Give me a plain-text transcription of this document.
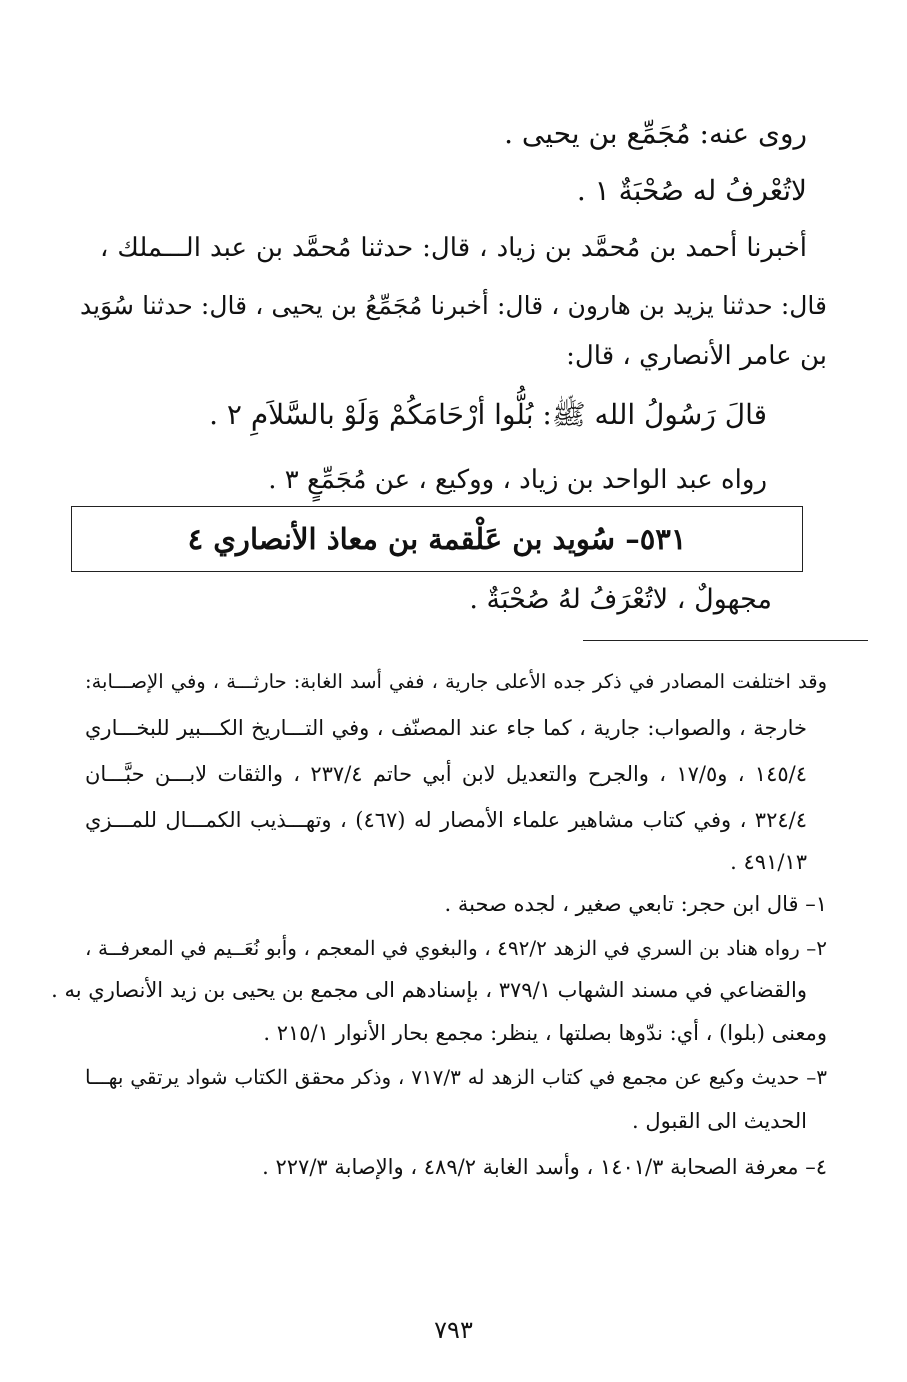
روى عنه: مُجَمِّع بن يحيى .
لاتُعْرفُ له صُحْبَةٌ ١ .
أخبرنا أحمد بن مُحمَّد بن زياد ، قال: حدثنا مُحمَّد بن عبد الـــملك ،
قال: حدثنا يزيد بن هارون ، قال: أخبرنا مُجَمِّعُ بن يحيى ، قال: حدثنا سُوَيد
بن عامر الأنصاري ، قال:
قالَ رَسُولُ الله ﷺ: بُلُّوا أرْحَامَكُمْ وَلَوْ بالسَّلاَمِ ٢ .
رواه عبد الواحد بن زياد ، ووكيع ، عن مُجَمِّعٍ ٣ .
٥٣١– سُويد بن عَلْقمة بن معاذ الأنصاري ٤
مجهولٌ ، لاتُعْرَفُ لهُ صُحْبَةٌ .
وقد اختلفت المصادر في ذكر جده الأعلى جارية ، ففي أسد الغابة: حارثـــة ، وفي الإصـــابة:
خارجة ، والصواب: جارية ، كما جاء عند المصنّف ، وفي التـــاريخ الكـــبير للبخـــاري
١٤٥/٤ ، و١٧/٥ ، والجرح والتعديل لابن أبي حاتم ٢٣٧/٤ ، والثقات لابـــن حبَّـــان
٣٢٤/٤ ، وفي كتاب مشاهير علماء الأمصار له (٤٦٧) ، وتهـــذيب الكمـــال للمـــزي
٤٩١/١٣ .
١– قال ابن حجر: تابعي صغير ، لجده صحبة .
٢– رواه هناد بن السري في الزهد ٤٩٢/٢ ، والبغوي في المعجم ، وأبو نُعَــيم في المعرفــة ،
والقضاعي في مسند الشهاب ٣٧٩/١ ، بإسنادهم الى مجمع بن يحيى بن زيد الأنصاري به .
ومعنى (بلوا) ، أي: ندّوها بصلتها ، ينظر: مجمع بحار الأنوار ٢١٥/١ .
٣– حديث وكيع عن مجمع في كتاب الزهد له ٧١٧/٣ ، وذكر محقق الكتاب شواد يرتقي بهـــا
الحديث الى القبول .
٤– معرفة الصحابة ١٤٠١/٣ ، وأسد الغابة ٤٨٩/٢ ، والإصابة ٢٢٧/٣ .
٧٩٣
